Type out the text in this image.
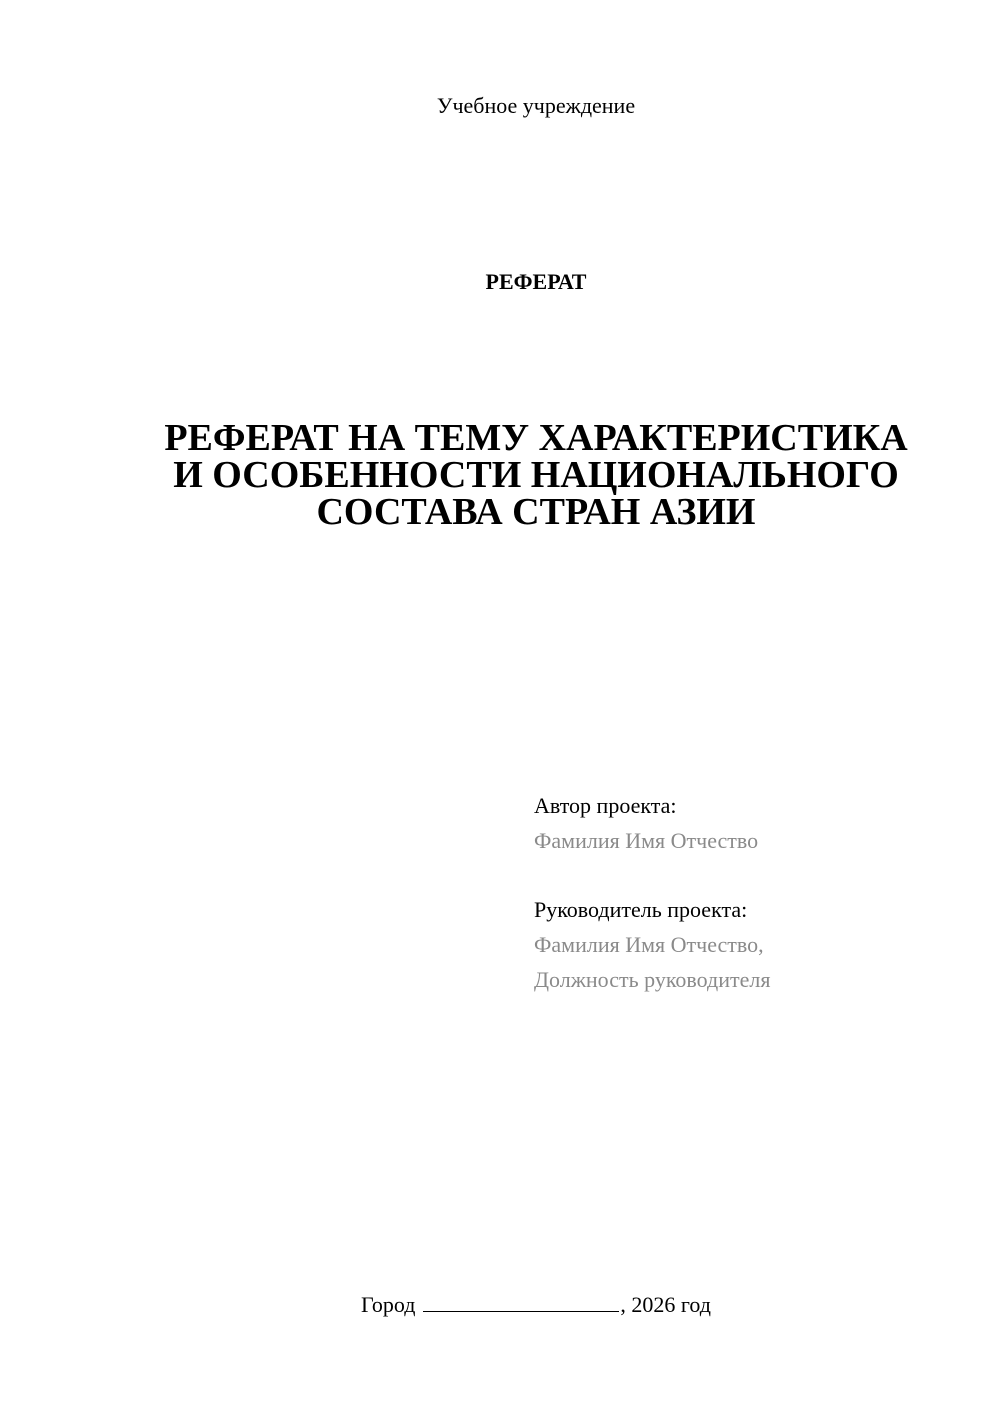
Учебное учреждение
РЕФЕРАТ
РЕФЕРАТ НА ТЕМУ ХАРАКТЕРИСТИКА
И ОСОБЕННОСТИ НАЦИОНАЛЬНОГО
СОСТАВА СТРАН АЗИИ
Автор проекта:
Фамилия Имя Отчество
Руководитель проекта:
Фамилия Имя Отчество,
Должность руководителя
Город	, 2026 год
